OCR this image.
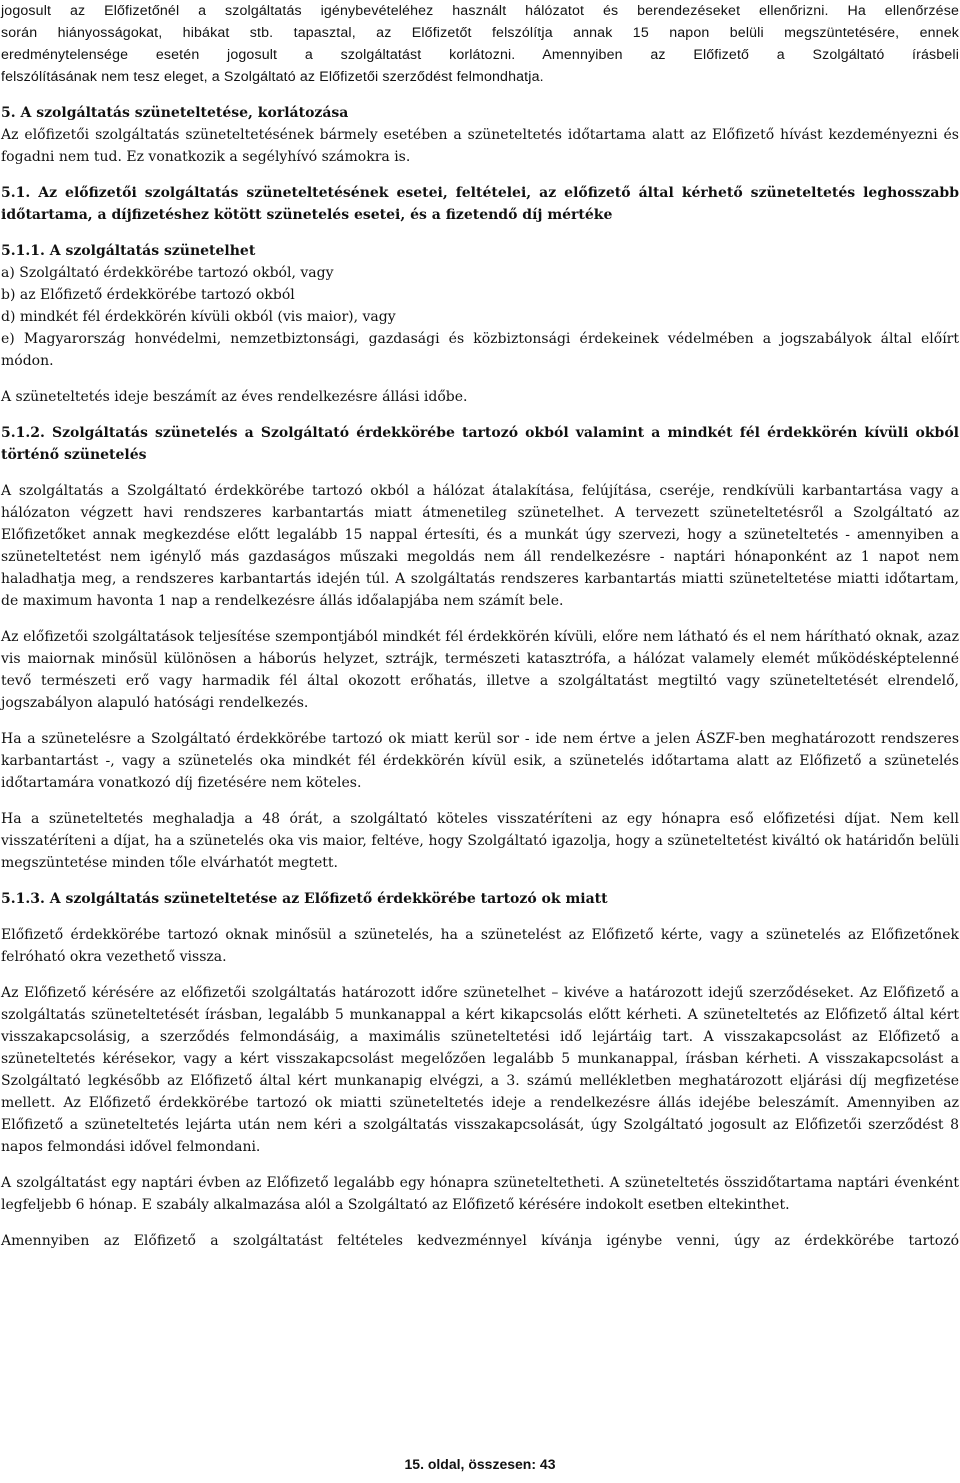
jogosult az Előfizetőnél a szolgáltatás igénybevételéhez használt hálózatot és berendezéseket ellenőrizni. Ha ellenőrzése

során hiányosságokat, hibákat stb. tapasztal, az Előfizetőt felszólítja annak 15 napon belüli megszüntetésére, ennek

eredménytelensége esetén jogosult a szolgáltatást korlátozni. Amennyiben az Előfizető a Szolgáltató írásbeli

felszólításának nem tesz eleget, a Szolgáltató az Előfizetői szerződést felmondhatja.

5. A szolgáltatás szüneteltetése, korlátozása

Az előfizetői szolgáltatás szüneteltetésének bármely esetében a szüneteltetés időtartama alatt az Előfizető hívást kezdeményezni és fogadni nem tud. Ez vonatkozik a segélyhívó számokra is.

5.1. Az előfizetői szolgáltatás szüneteltetésének esetei, feltételei, az előfizető által kérhető szüneteltetés leghosszabb időtartama, a díjfizetéshez kötött szünetelés esetei, és a fizetendő díj mértéke

5.1.1. A szolgáltatás szünetelhet

a) Szolgáltató érdekkörébe tartozó okból, vagy

b) az Előfizető érdekkörébe tartozó okból

d) mindkét fél érdekkörén kívüli okból (vis maior), vagy

e) Magyarország honvédelmi, nemzetbiztonsági, gazdasági és közbiztonsági érdekeinek védelmében a jogszabályok által előírt módon.

A szüneteltetés ideje beszámít az éves rendelkezésre állási időbe.

5.1.2. Szolgáltatás szünetelés a Szolgáltató érdekkörébe tartozó okból valamint a mindkét fél érdekkörén kívüli okból történő szünetelés

A szolgáltatás a Szolgáltató érdekkörébe tartozó okból a hálózat átalakítása, felújítása, cseréje, rendkívüli karbantartása vagy a hálózaton végzett havi rendszeres karbantartás miatt átmenetileg szünetelhet. A tervezett szüneteltetésről a Szolgáltató az Előfizetőket annak megkezdése előtt legalább 15 nappal értesíti, és a munkát úgy szervezi, hogy a szüneteltetés - amennyiben a szüneteltetést nem igénylő más gazdaságos műszaki megoldás nem áll rendelkezésre - naptári hónaponként az 1 napot nem haladhatja meg, a rendszeres karbantartás idején túl. A szolgáltatás rendszeres karbantartás miatti szüneteltetése miatti időtartam, de maximum havonta 1 nap a rendelkezésre állás időalapjába nem számít bele.

Az előfizetői szolgáltatások teljesítése szempontjából mindkét fél érdekkörén kívüli, előre nem látható és el nem hárítható oknak, azaz vis maiornak minősül különösen a háborús helyzet, sztrájk, természeti katasztrófa, a hálózat valamely elemét működésképtelenné tevő természeti erő vagy harmadik fél által okozott erőhatás, illetve a szolgáltatást megtiltó vagy szüneteltetését elrendelő, jogszabályon alapuló hatósági rendelkezés.

Ha a szünetelésre a Szolgáltató érdekkörébe tartozó ok miatt kerül sor - ide nem értve a jelen ÁSZF-ben meghatározott rendszeres karbantartást -, vagy a szünetelés oka mindkét fél érdekkörén kívül esik, a szünetelés időtartama alatt az Előfizető a szünetelés időtartamára vonatkozó díj fizetésére nem köteles.

Ha a szüneteltetés meghaladja a 48 órát, a szolgáltató köteles visszatéríteni az egy hónapra eső előfizetési díjat. Nem kell visszatéríteni a díjat, ha a szünetelés oka vis maior, feltéve, hogy Szolgáltató igazolja, hogy a szüneteltetést kiváltó ok határidőn belüli megszüntetése minden tőle elvárhatót megtett.

5.1.3. A szolgáltatás szüneteltetése az Előfizető érdekkörébe tartozó ok miatt

Előfizető érdekkörébe tartozó oknak minősül a szünetelés, ha a szünetelést az Előfizető kérte, vagy a szünetelés az Előfizetőnek felróható okra vezethető vissza.

Az Előfizető kérésére az előfizetői szolgáltatás határozott időre szünetelhet – kivéve a határozott idejű szerződéseket. Az Előfizető a szolgáltatás szüneteltetését írásban, legalább 5 munkanappal a kért kikapcsolás előtt kérheti. A szüneteltetés az Előfizető által kért visszakapcsolásig, a szerződés felmondásáig, a maximális szüneteltetési idő lejártáig tart. A visszakapcsolást az Előfizető a szüneteltetés kérésekor, vagy a kért visszakapcsolást megelőzően legalább 5 munkanappal, írásban kérheti. A visszakapcsolást a Szolgáltató legkésőbb az Előfizető által kért munkanapig elvégzi, a 3. számú mellékletben meghatározott eljárási díj megfizetése mellett. Az Előfizető érdekkörébe tartozó ok miatti szüneteltetés ideje a rendelkezésre állás idejébe beleszámít. Amennyiben az Előfizető a szüneteltetés lejárta után nem kéri a szolgáltatás visszakapcsolását, úgy Szolgáltató jogosult az Előfizetői szerződést 8 napos felmondási idővel felmondani.

A szolgáltatást egy naptári évben az Előfizető legalább egy hónapra szüneteltetheti. A szüneteltetés összidőtartama naptári évenként legfeljebb 6 hónap. E szabály alkalmazása alól a Szolgáltató az Előfizető kérésére indokolt esetben eltekinthet.

Amennyiben az Előfizető a szolgáltatást feltételes kedvezménnyel kívánja igénybe venni, úgy az érdekkörébe tartozó

15. oldal, összesen: 43
